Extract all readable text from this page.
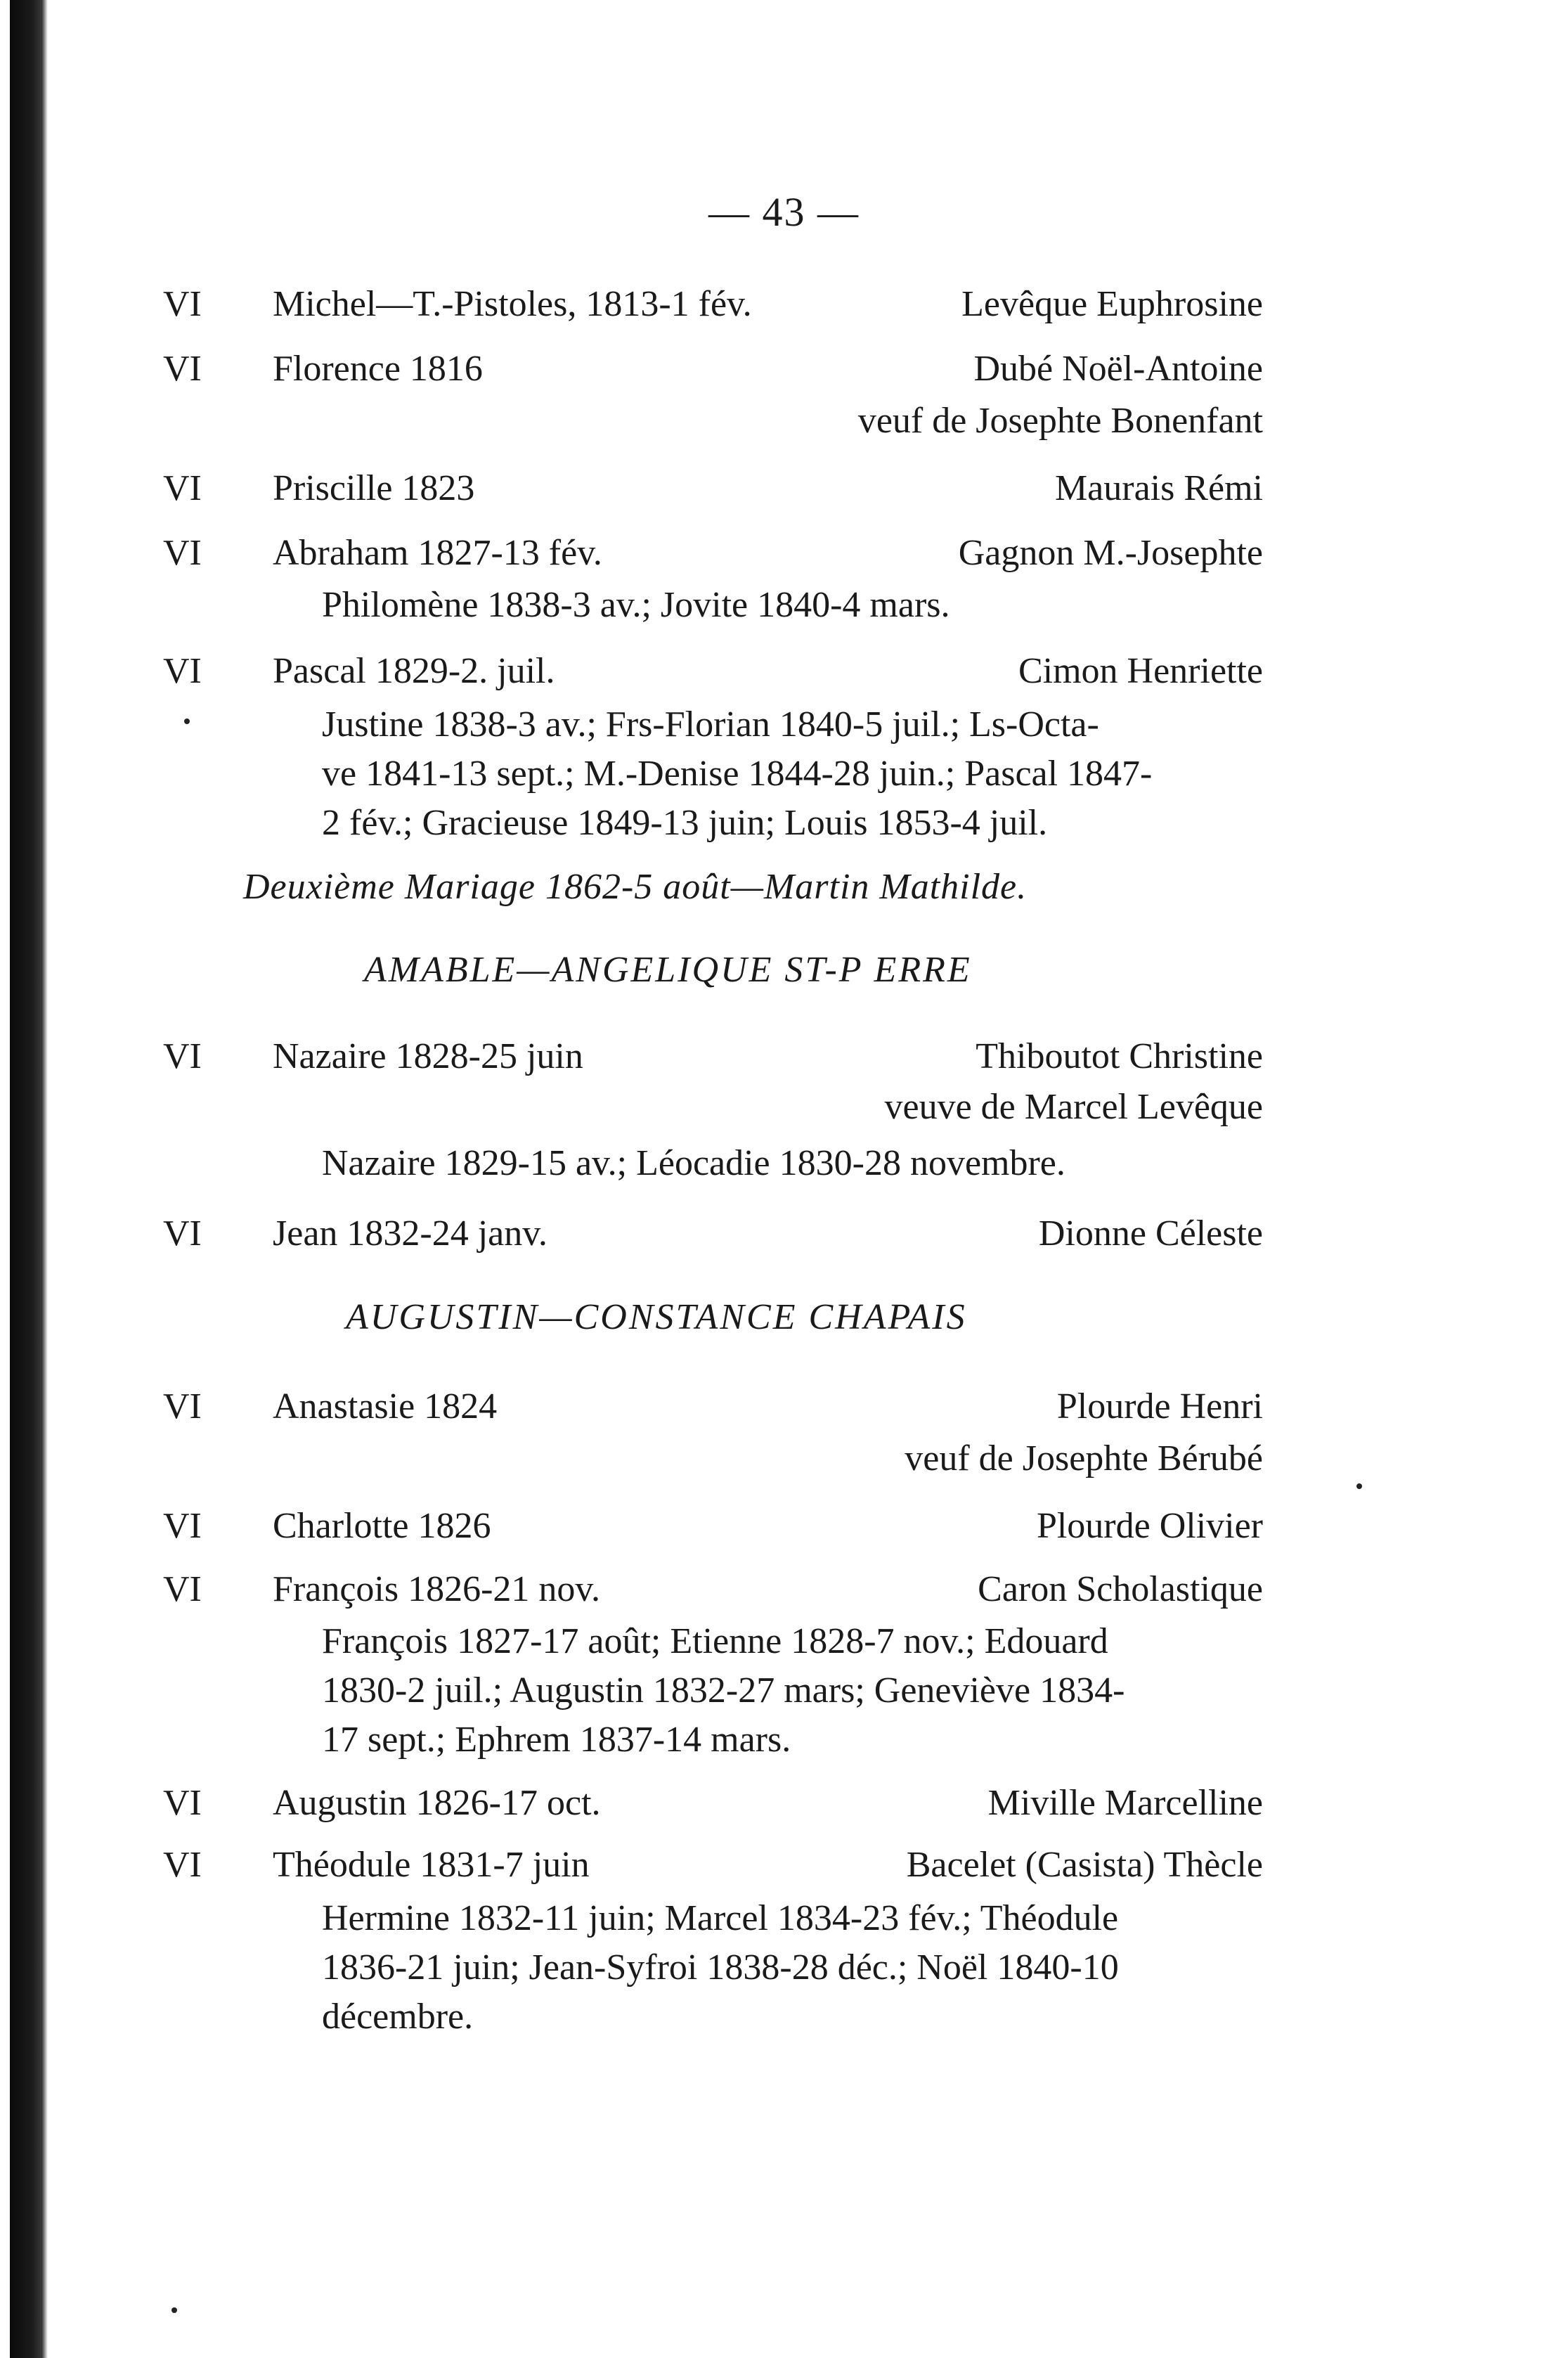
— 43 —
VI Michel—T.-Pistoles, 1813-1 fév.	Levêque Euphrosine
VI Florence 1816	Dubé Noël-Antoine
veuf de Josephte Bonenfant
VI Priscille 1823	Maurais Rémi
VI Abraham 1827-13 fév.	Gagnon M.-Josephte
Philomène 1838-3 av.; Jovite 1840-4 mars.
VI Pascal 1829-2. juil.	Cimon Henriette
Justine 1838-3 av.; Frs-Florian 1840-5 juil.; Ls-Octa-
ve 1841-13 sept.; M.-Denise 1844-28 juin.; Pascal 1847-
2 fév.; Gracieuse 1849-13 juin; Louis 1853-4 juil.
Deuxième Mariage 1862-5 août—Martin Mathilde.
AMABLE—ANGELIQUE ST-P ERRE
VI Nazaire 1828-25 juin	Thiboutot Christine
veuve de Marcel Levêque
Nazaire 1829-15 av.; Léocadie 1830-28 novembre.
VI Jean 1832-24 janv.	Dionne Céleste
AUGUSTIN—CONSTANCE CHAPAIS
VI Anastasie 1824	Plourde Henri
veuf de Josephte Bérubé
VI Charlotte 1826	Plourde Olivier
VI François 1826-21 nov.	Caron Scholastique
François 1827-17 août; Etienne 1828-7 nov.; Edouard
1830-2 juil.; Augustin 1832-27 mars; Geneviève 1834-
17 sept.; Ephrem 1837-14 mars.
VI Augustin 1826-17 oct.	Miville Marcelline
VI Théodule 1831-7 juin	Bacelet (Casista) Thècle
Hermine 1832-11 juin; Marcel 1834-23 fév.; Théodule
1836-21 juin; Jean-Syfroi 1838-28 déc.; Noël 1840-10
décembre.
